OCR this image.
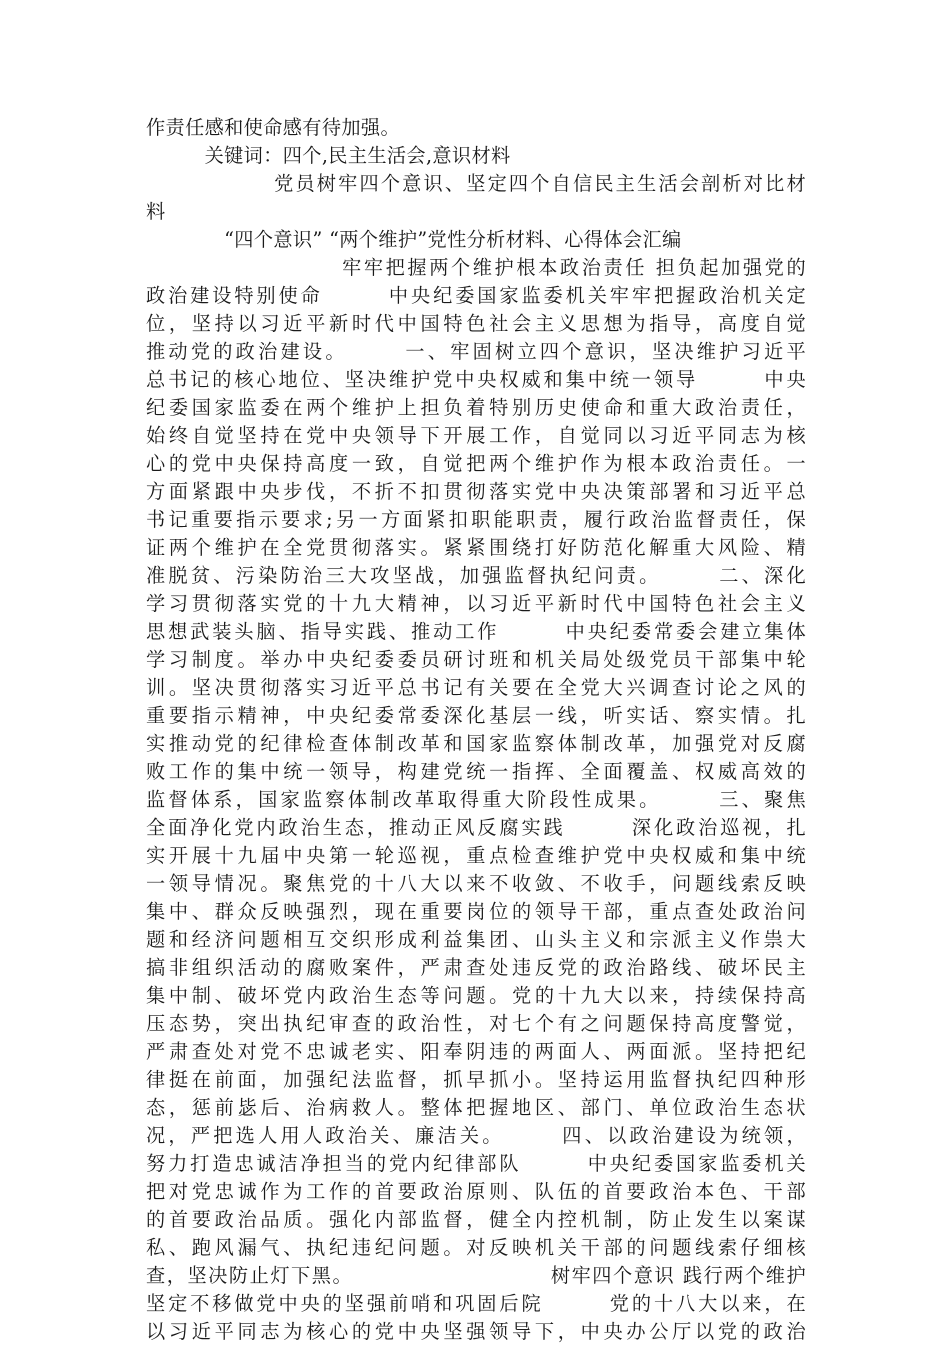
作责任感和使命感有待加强。
　　　关键词：四个,民主生活会,意识材料
　　　　　　党员树牢四个意识、坚定四个自信民主生活会剖析对比材
料
　　　　“四个意识” “两个维护”党性分析材料、心得体会汇编
　　　　　　　　　牢牢把握两个维护根本政治责任 担负起加强党的
政治建设特别使命　　　中央纪委国家监委机关牢牢把握政治机关定
位，坚持以习近平新时代中国特色社会主义思想为指导，高度自觉
推动党的政治建设。　　　一、牢固树立四个意识，坚决维护习近平
总书记的核心地位、坚决维护党中央权威和集中统一领导　　　中央
纪委国家监委在两个维护上担负着特别历史使命和重大政治责任，
始终自觉坚持在党中央领导下开展工作，自觉同以习近平同志为核
心的党中央保持高度一致，自觉把两个维护作为根本政治责任。一
方面紧跟中央步伐，不折不扣贯彻落实党中央决策部署和习近平总
书记重要指示要求;另一方面紧扣职能职责，履行政治监督责任，保
证两个维护在全党贯彻落实。紧紧围绕打好防范化解重大风险、精
准脱贫、污染防治三大攻坚战，加强监督执纪问责。　　　二、深化
学习贯彻落实党的十九大精神，以习近平新时代中国特色社会主义
思想武装头脑、指导实践、推动工作　　　中央纪委常委会建立集体
学习制度。举办中央纪委委员研讨班和机关局处级党员干部集中轮
训。坚决贯彻落实习近平总书记有关要在全党大兴调查讨论之风的
重要指示精神，中央纪委常委深化基层一线，听实话、察实情。扎
实推动党的纪律检查体制改革和国家监察体制改革，加强党对反腐
败工作的集中统一领导，构建党统一指挥、全面覆盖、权威高效的
监督体系，国家监察体制改革取得重大阶段性成果。　　　三、聚焦
全面净化党内政治生态，推动正风反腐实践　　　深化政治巡视，扎
实开展十九届中央第一轮巡视，重点检查维护党中央权威和集中统
一领导情况。聚焦党的十八大以来不收敛、不收手，问题线索反映
集中、群众反映强烈，现在重要岗位的领导干部，重点查处政治问
题和经济问题相互交织形成利益集团、山头主义和宗派主义作祟大
搞非组织活动的腐败案件，严肃查处违反党的政治路线、破坏民主
集中制、破坏党内政治生态等问题。党的十九大以来，持续保持高
压态势，突出执纪审查的政治性，对七个有之问题保持高度警觉，
严肃查处对党不忠诚老实、阳奉阴违的两面人、两面派。坚持把纪
律挺在前面，加强纪法监督，抓早抓小。坚持运用监督执纪四种形
态，惩前毖后、治病救人。整体把握地区、部门、单位政治生态状
况，严把选人用人政治关、廉洁关。　　　四、以政治建设为统领，
努力打造忠诚洁净担当的党内纪律部队　　　中央纪委国家监委机关
把对党忠诚作为工作的首要政治原则、队伍的首要政治本色、干部
的首要政治品质。强化内部监督，健全内控机制，防止发生以案谋
私、跑风漏气、执纪违纪问题。对反映机关干部的问题线索仔细核
查，坚决防止灯下黑。　　　　　　　　　　树牢四个意识 践行两个维护
坚定不移做党中央的坚强前哨和巩固后院　　　党的十八大以来，在
以习近平同志为核心的党中央坚强领导下，中央办公厅以党的政治
